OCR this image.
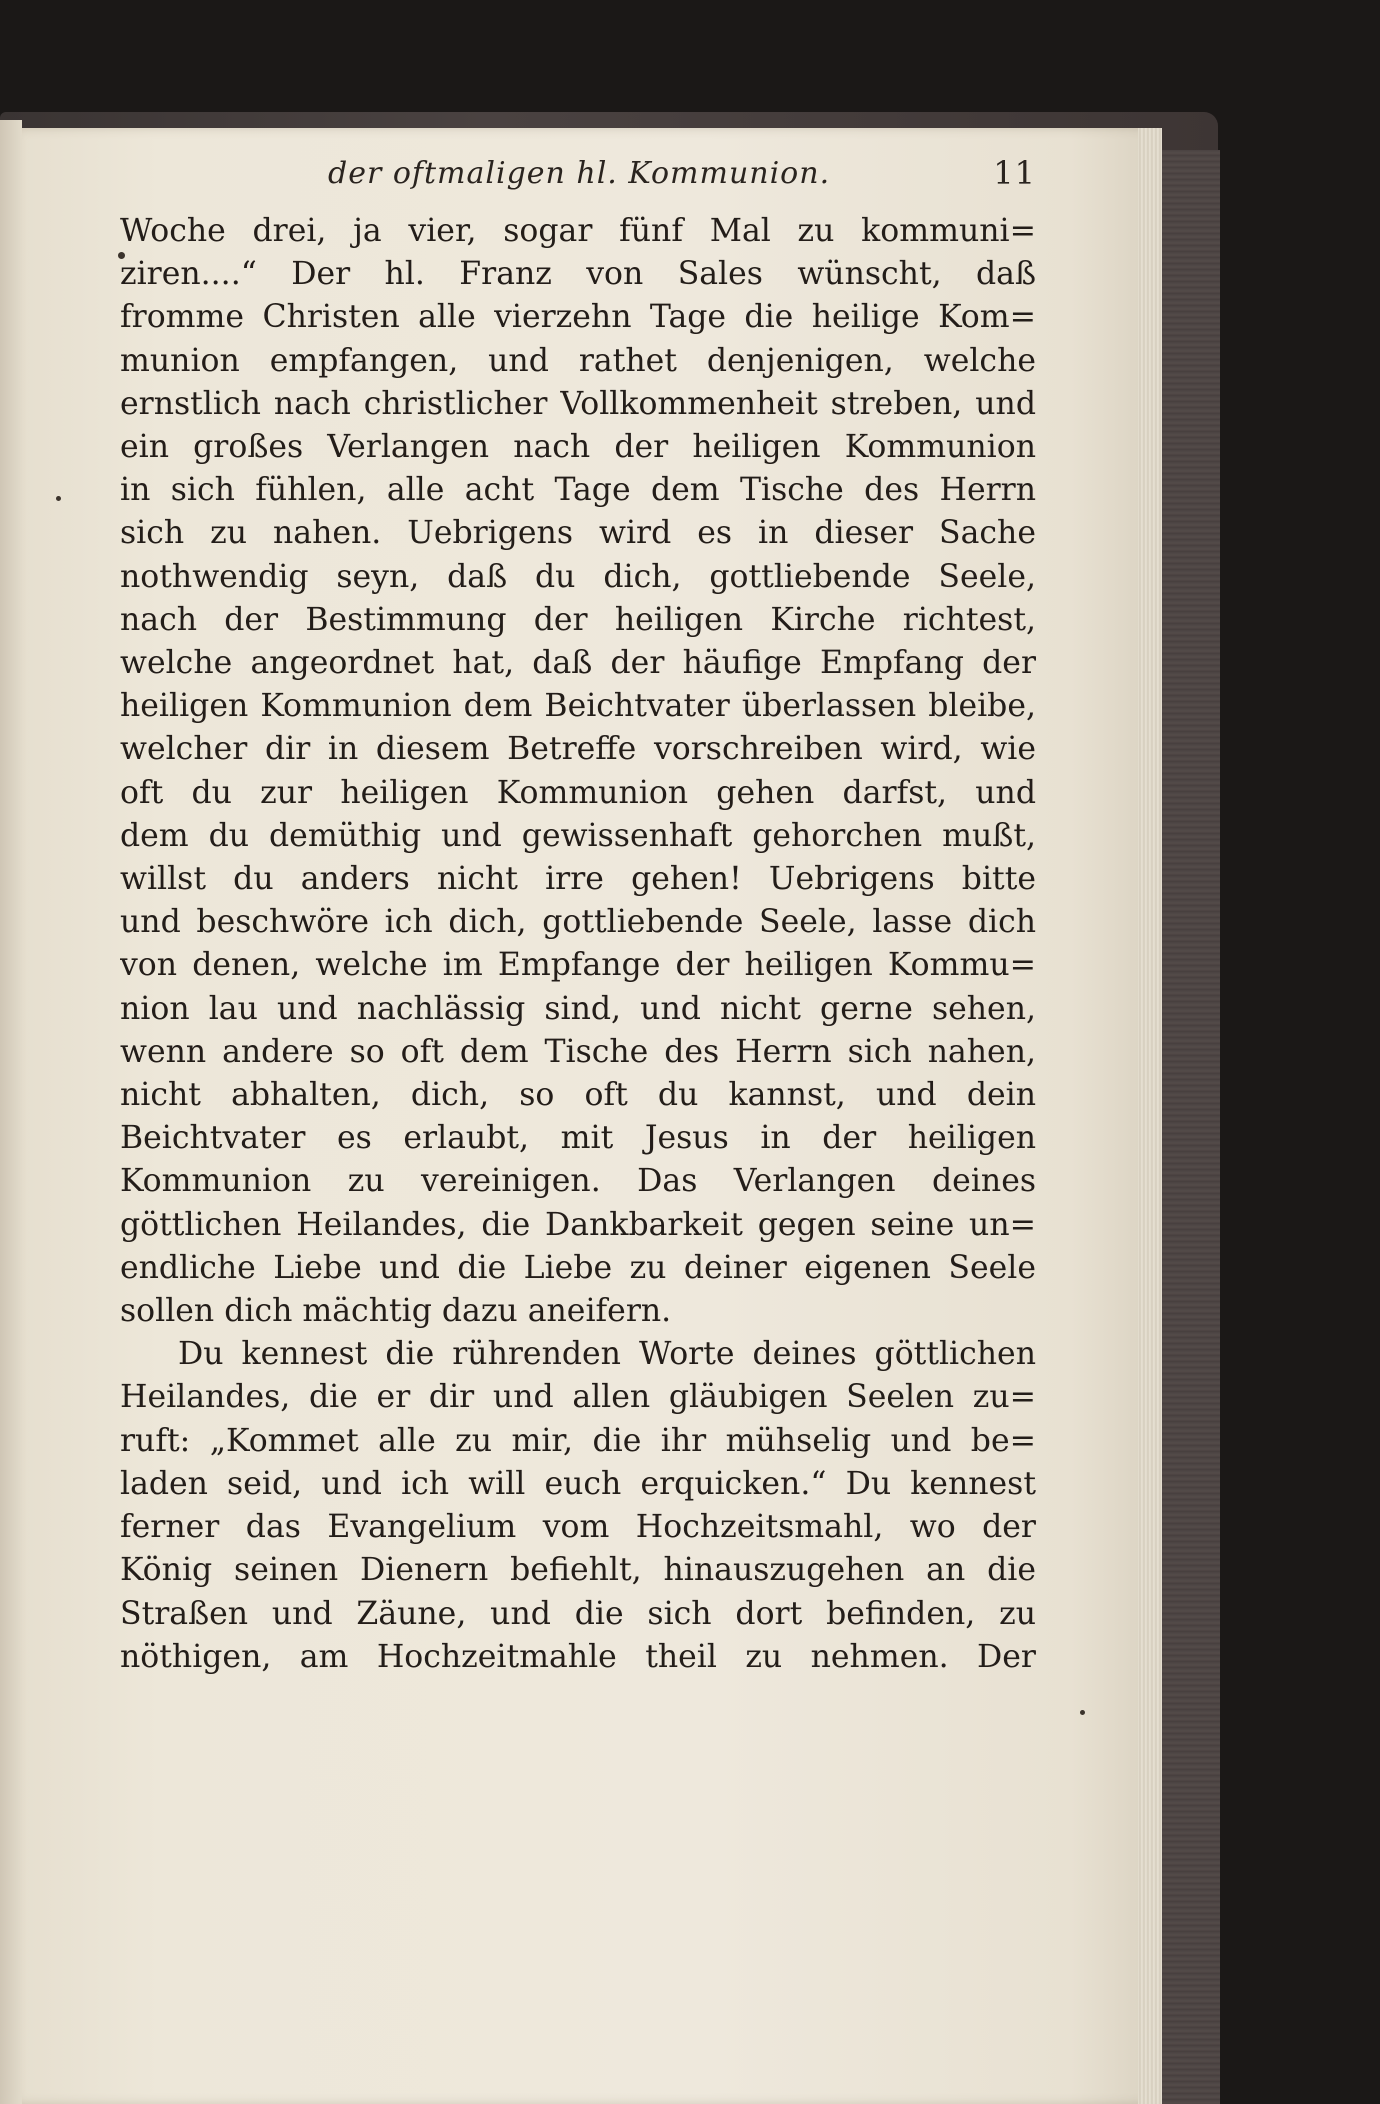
der oftmaligen hl. Kommunion.	11
Woche drei, ja vier, sogar fünf Mal zu kommuni=
ziren....“ Der hl. Franz von Sales wünscht, daß
fromme Christen alle vierzehn Tage die heilige Kom=
munion empfangen, und rathet denjenigen, welche
ernstlich nach christlicher Vollkommenheit streben, und
ein großes Verlangen nach der heiligen Kommunion
in sich fühlen, alle acht Tage dem Tische des Herrn
sich zu nahen. Uebrigens wird es in dieser Sache
nothwendig seyn, daß du dich, gottliebende Seele,
nach der Bestimmung der heiligen Kirche richtest,
welche angeordnet hat, daß der häufige Empfang der
heiligen Kommunion dem Beichtvater überlassen bleibe,
welcher dir in diesem Betreffe vorschreiben wird, wie
oft du zur heiligen Kommunion gehen darfst, und
dem du demüthig und gewissenhaft gehorchen mußt,
willst du anders nicht irre gehen! Uebrigens bitte
und beschwöre ich dich, gottliebende Seele, lasse dich
von denen, welche im Empfange der heiligen Kommu=
nion lau und nachlässig sind, und nicht gerne sehen,
wenn andere so oft dem Tische des Herrn sich nahen,
nicht abhalten, dich, so oft du kannst, und dein
Beichtvater es erlaubt, mit Jesus in der heiligen
Kommunion zu vereinigen. Das Verlangen deines
göttlichen Heilandes, die Dankbarkeit gegen seine un=
endliche Liebe und die Liebe zu deiner eigenen Seele
sollen dich mächtig dazu aneifern.
Du kennest die rührenden Worte deines göttlichen
Heilandes, die er dir und allen gläubigen Seelen zu=
ruft: „Kommet alle zu mir, die ihr mühselig und be=
laden seid, und ich will euch erquicken.“ Du kennest
ferner das Evangelium vom Hochzeitsmahl, wo der
König seinen Dienern befiehlt, hinauszugehen an die
Straßen und Zäune, und die sich dort befinden, zu
nöthigen, am Hochzeitmahle theil zu nehmen. Der
